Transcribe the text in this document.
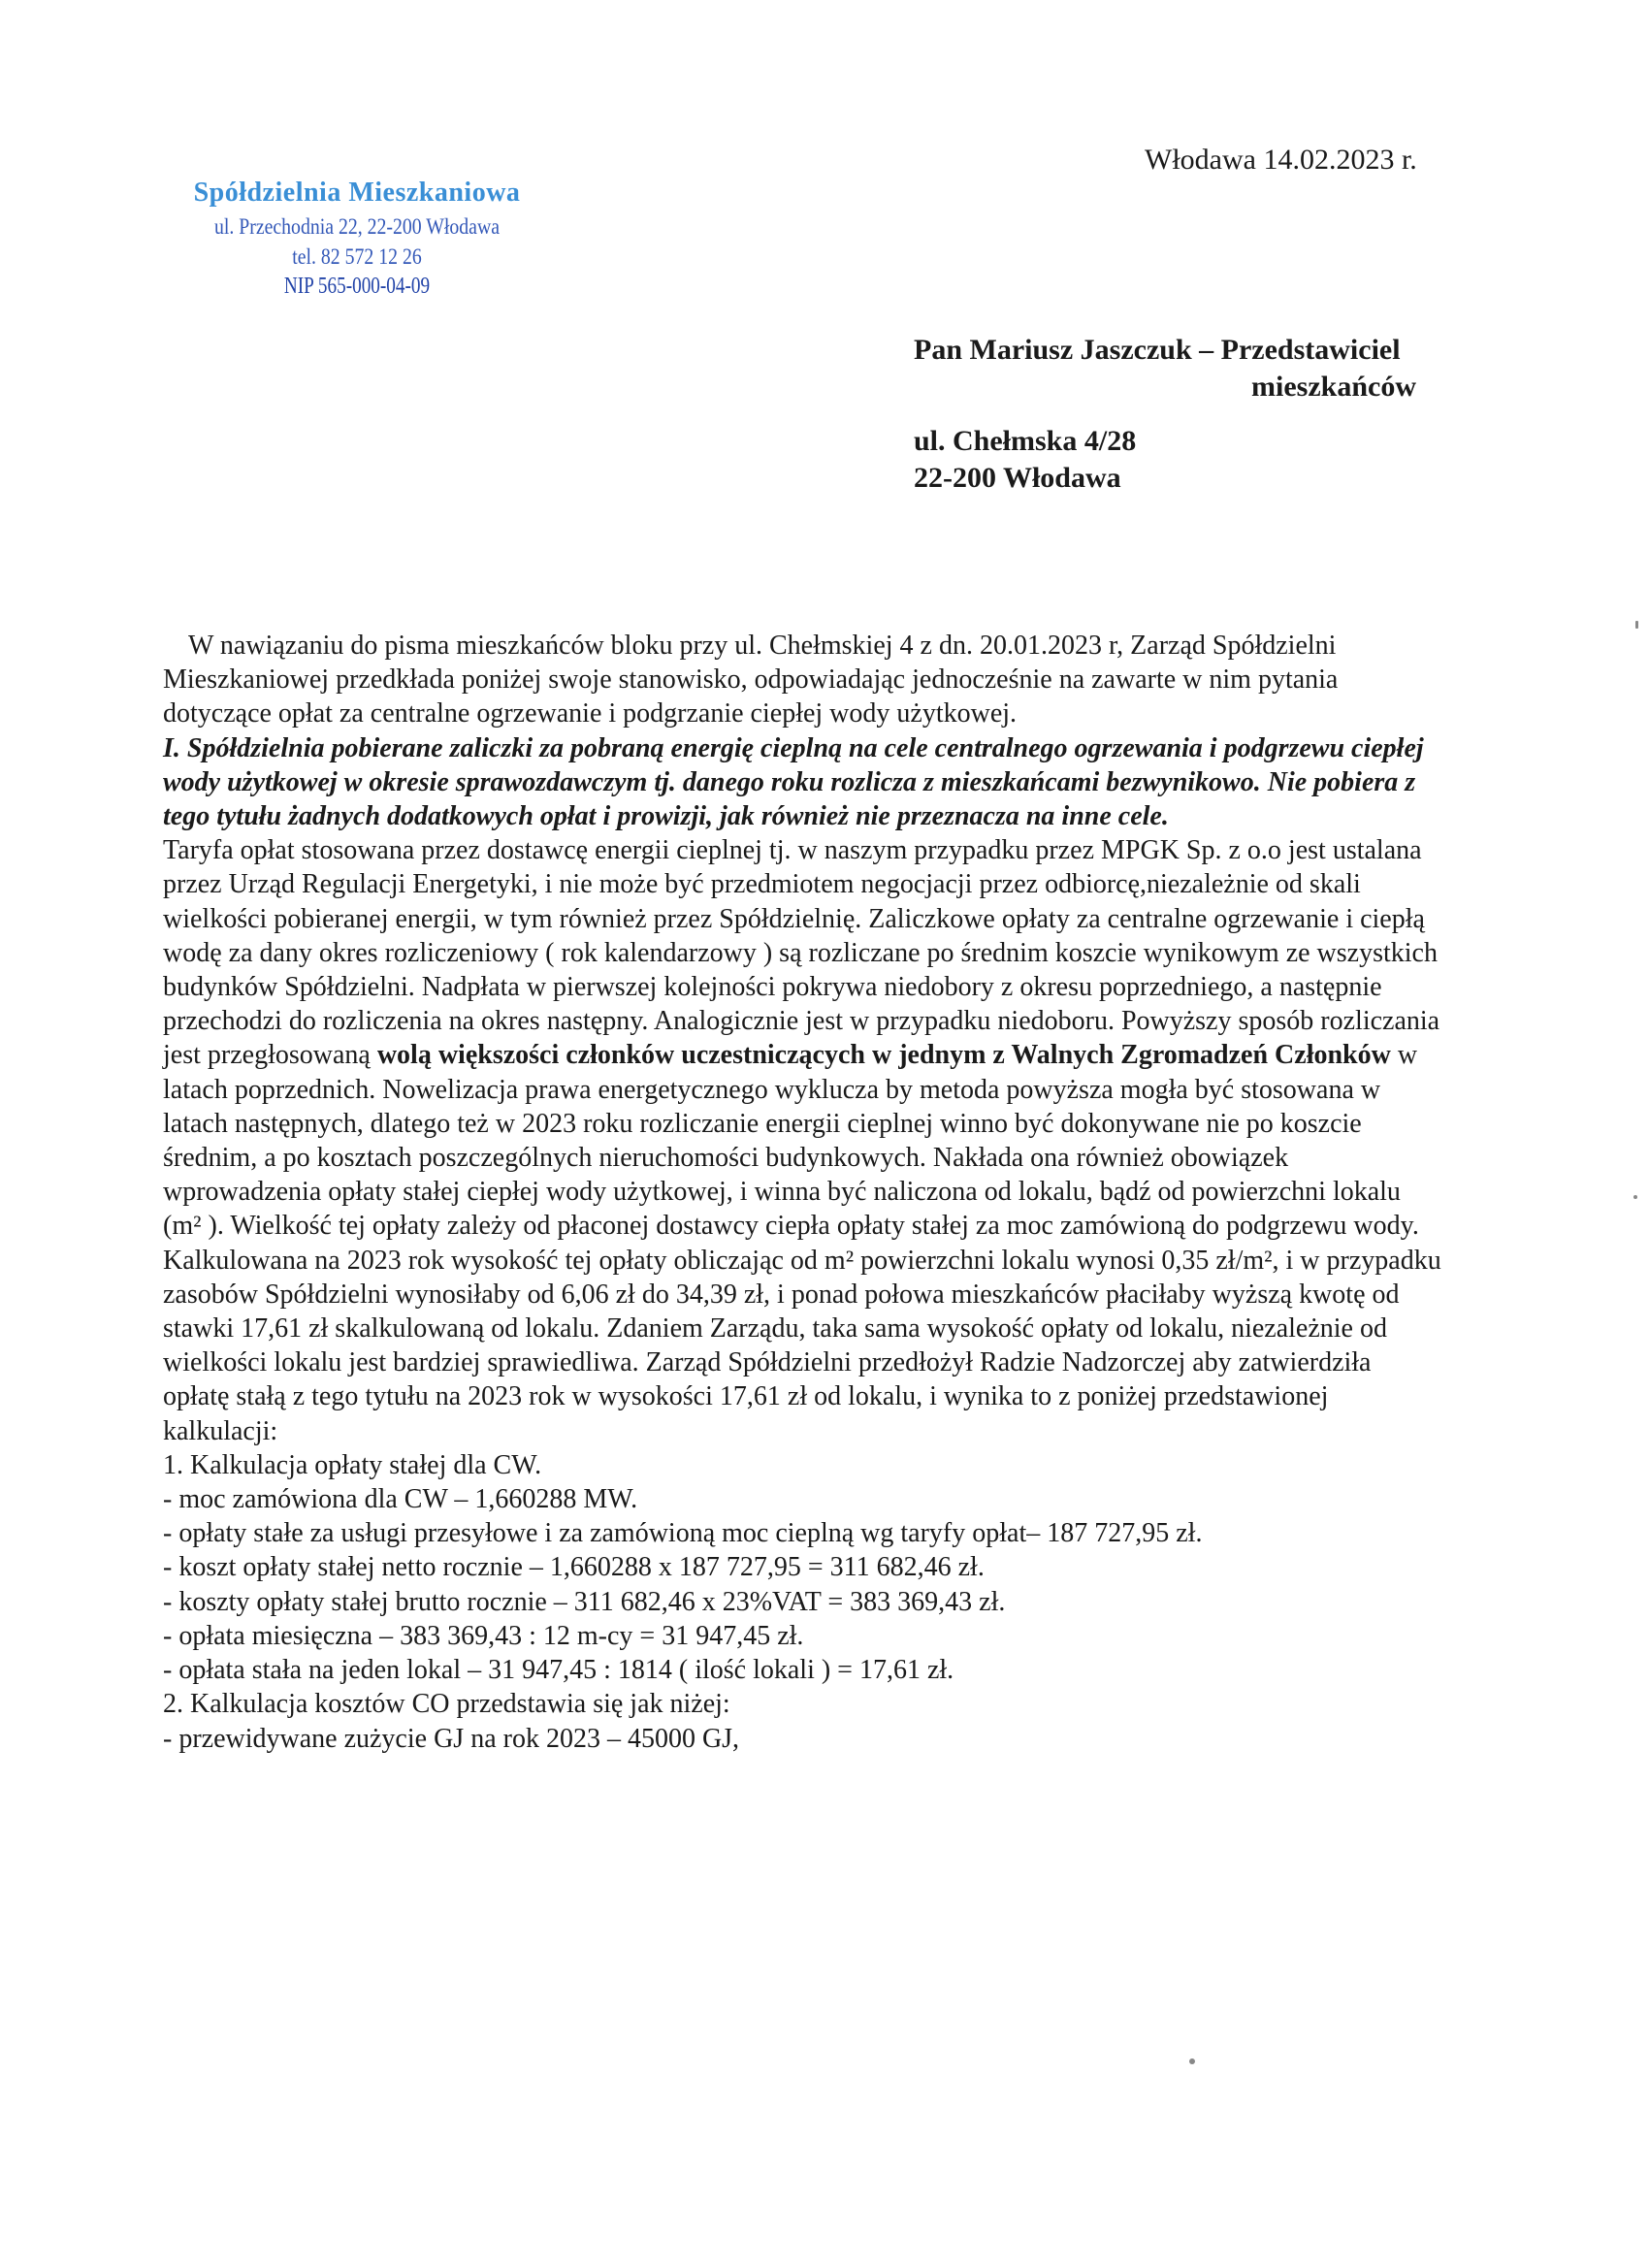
Spółdzielnia Mieszkaniowa
ul. Przechodnia 22, 22-200 Włodawa
tel. 82 572 12 26
NIP 565-000-04-09
Włodawa 14.02.2023 r.
Pan Mariusz Jaszczuk – Przedstawiciel
mieszkańców
ul. Chełmska 4/28
22-200 Włodawa

W nawiązaniu do pisma mieszkańców bloku przy ul. Chełmskiej 4 z dn. 20.01.2023 r, Zarząd Spółdzielni Mieszkaniowej przedkłada poniżej swoje stanowisko, odpowiadając jednocześnie na zawarte w nim pytania dotyczące opłat za centralne ogrzewanie i podgrzanie ciepłej wody użytkowej.

I. Spółdzielnia pobierane zaliczki za pobraną energię cieplną na cele centralnego ogrzewania i podgrzewu ciepłej wody użytkowej w okresie sprawozdawczym tj. danego roku rozlicza z mieszkańcami bezwynikowo. Nie pobiera z tego tytułu żadnych dodatkowych opłat i prowizji, jak również nie przeznacza na inne cele.

Taryfa opłat stosowana przez dostawcę energii cieplnej tj. w naszym przypadku przez MPGK Sp. z o.o jest ustalana przez Urząd Regulacji Energetyki, i nie może być przedmiotem negocjacji przez odbiorcę,niezależnie od skali wielkości pobieranej energii, w tym również przez Spółdzielnię. Zaliczkowe opłaty za centralne ogrzewanie i ciepłą wodę za dany okres rozliczeniowy ( rok kalendarzowy ) są rozliczane po średnim koszcie wynikowym ze wszystkich budynków Spółdzielni. Nadpłata w pierwszej kolejności pokrywa niedobory z okresu poprzedniego, a następnie przechodzi do rozliczenia na okres następny. Analogicznie jest w przypadku niedoboru. Powyższy sposób rozliczania jest przegłosowaną wolą większości członków uczestniczących w jednym z Walnych Zgromadzeń Członków w latach poprzednich. Nowelizacja prawa energetycznego wyklucza by metoda powyższa mogła być stosowana w latach następnych, dlatego też w 2023 roku rozliczanie energii cieplnej winno być dokonywane nie po koszcie średnim, a po kosztach poszczególnych nieruchomości budynkowych. Nakłada ona również obowiązek wprowadzenia opłaty stałej ciepłej wody użytkowej, i winna być naliczona od lokalu, bądź od powierzchni lokalu (m² ). Wielkość tej opłaty zależy od płaconej dostawcy ciepła opłaty stałej za moc zamówioną do podgrzewu wody. Kalkulowana na 2023 rok wysokość tej opłaty obliczając od m² powierzchni lokalu wynosi 0,35 zł/m², i w przypadku zasobów Spółdzielni wynosiłaby od 6,06 zł do 34,39 zł, i ponad połowa mieszkańców płaciłaby wyższą kwotę od stawki 17,61 zł skalkulowaną od lokalu. Zdaniem Zarządu, taka sama wysokość opłaty od lokalu, niezależnie od wielkości lokalu jest bardziej sprawiedliwa. Zarząd Spółdzielni przedłożył Radzie Nadzorczej aby zatwierdziła opłatę stałą z tego tytułu na 2023 rok w wysokości 17,61 zł od lokalu, i wynika to z poniżej przedstawionej kalkulacji:

1. Kalkulacja opłaty stałej dla CW.

- moc zamówiona dla CW – 1,660288 MW.

- opłaty stałe za usługi przesyłowe i za zamówioną moc cieplną wg taryfy opłat– 187 727,95 zł.

- koszt opłaty stałej netto rocznie – 1,660288 x 187 727,95 = 311 682,46 zł.

- koszty opłaty stałej brutto rocznie – 311 682,46 x 23%VAT = 383 369,43 zł.

- opłata miesięczna – 383 369,43 : 12 m-cy = 31 947,45 zł.

- opłata stała na jeden lokal – 31 947,45 : 1814 ( ilość lokali ) = 17,61 zł.

2. Kalkulacja kosztów CO przedstawia się jak niżej:

- przewidywane zużycie GJ na rok 2023 – 45000 GJ,
